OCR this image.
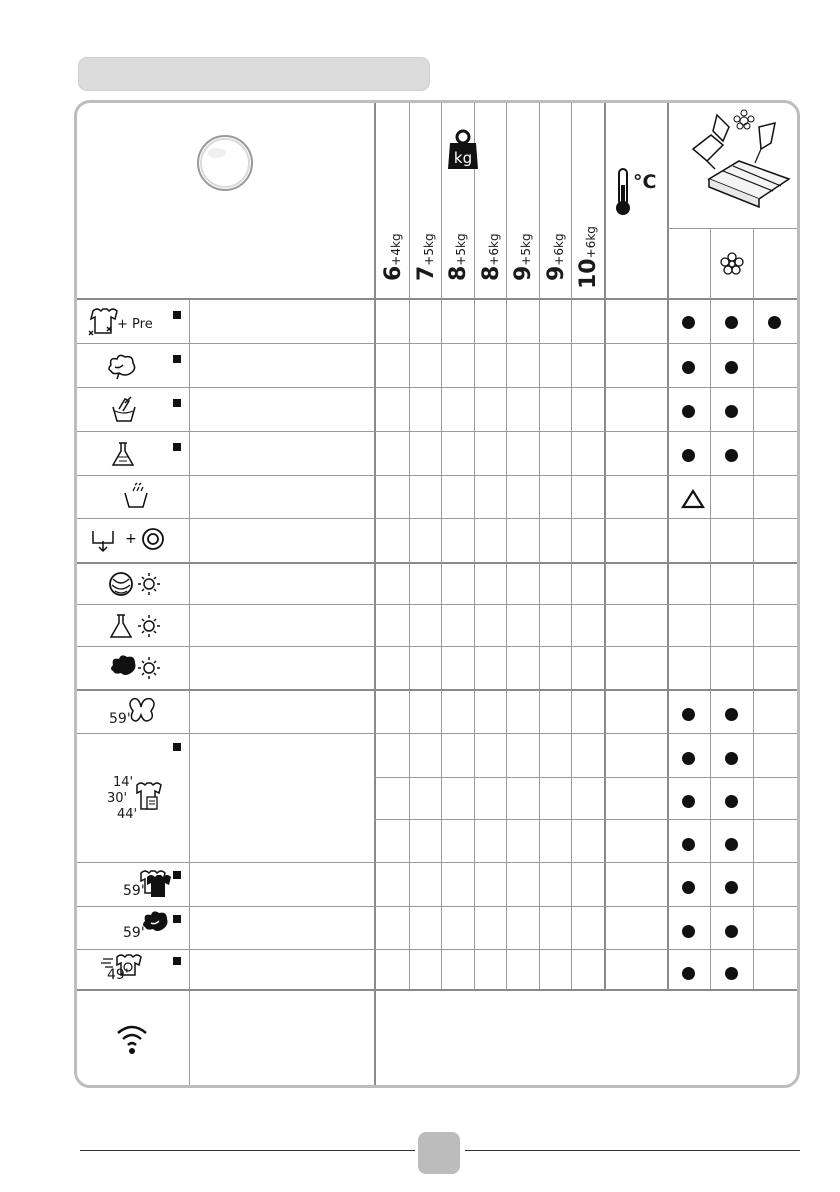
kg
°C
6+4kg
7+5kg
8+5kg
8+6kg
9+5kg
9+6kg
10+6kg
+ Pre
+
59'
14'
30'
44'
59'
59'
49'
